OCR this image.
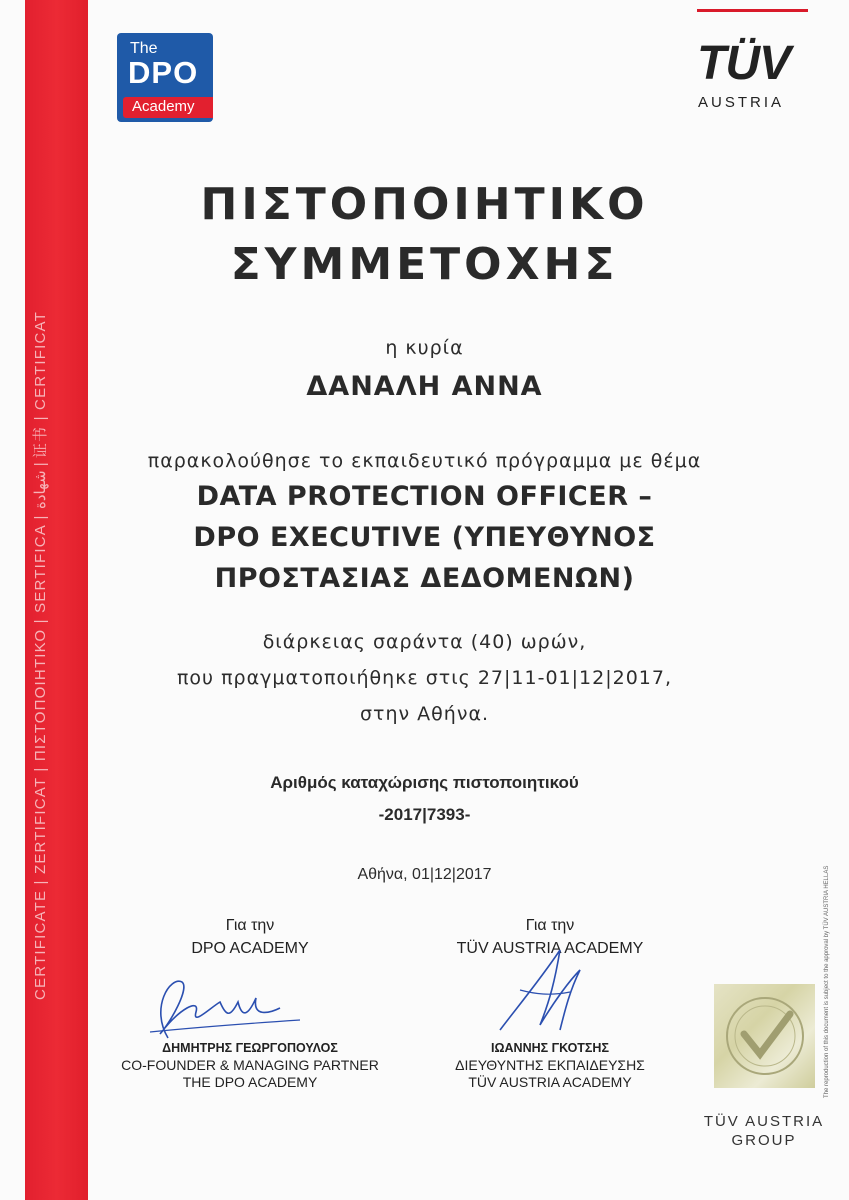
CERTIFICATE | ZERTIFICAT | ΠΙΣΤΟΠΟΙΗΤΙΚΟ | SERTIFICA | شهادة | 证书 | CERTIFICAT
The
DPO
Academy
TÜV
AUSTRIA
ΠΙΣΤΟΠΟΙΗΤΙΚΟ
ΣΥΜΜΕΤΟΧΗΣ
η κυρία
ΔΑΝΑΛΗ ΑΝΝΑ
παρακολούθησε το εκπαιδευτικό πρόγραμμα με θέμα
DATA PROTECTION OFFICER –
DPO EXECUTIVE (ΥΠΕΥΘΥΝΟΣ
ΠΡΟΣΤΑΣΙΑΣ ΔΕΔΟΜΕΝΩΝ)
διάρκειας σαράντα (40) ωρών,
που πραγματοποιήθηκε στις 27|11-01|12|2017,
στην Αθήνα.
Αριθμός καταχώρισης πιστοποιητικού
-2017|7393-
Αθήνα, 01|12|2017
Για την
DPO ACADEMY
ΔΗΜΗΤΡΗΣ ΓΕΩΡΓΟΠΟΥΛΟΣ
CO-FOUNDER & MANAGING PARTNER
THE DPO ACADEMY
Για την
TÜV AUSTRIA ACADEMY
ΙΩΑΝΝΗΣ ΓΚΟΤΣΗΣ
ΔΙΕΥΘΥΝΤΗΣ ΕΚΠΑΙΔΕΥΣΗΣ
TÜV AUSTRIA ACADEMY
TÜV AUSTRIA
GROUP
The reproduction of this document is subject to the approval by TÜV AUSTRIA HELLAS
